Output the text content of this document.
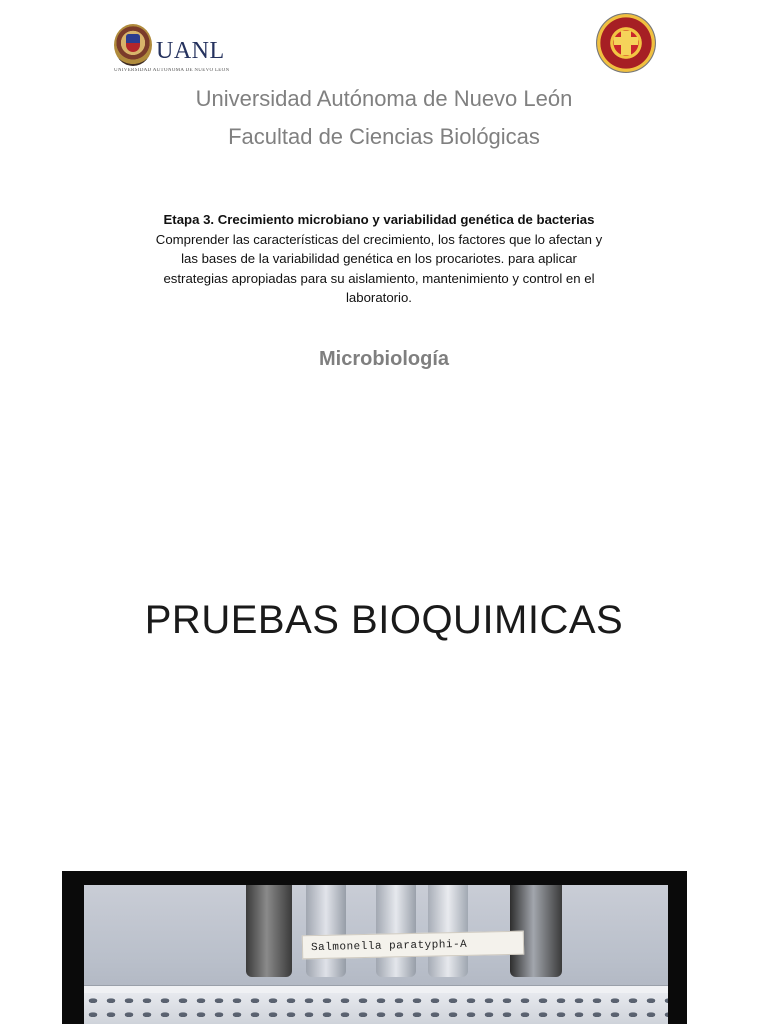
UANL
UNIVERSIDAD AUTÓNOMA DE NUEVO LEÓN
Universidad Autónoma de Nuevo León
Facultad de Ciencias Biológicas
Etapa 3. Crecimiento microbiano y variabilidad genética de bacterias
Comprender las características del crecimiento, los factores que lo afectan y las bases de la variabilidad genética en los procariotes. para aplicar estrategias apropiadas para su aislamiento, mantenimiento y control en el laboratorio.
Microbiología
PRUEBAS BIOQUIMICAS
Salmonella paratyphi-A
